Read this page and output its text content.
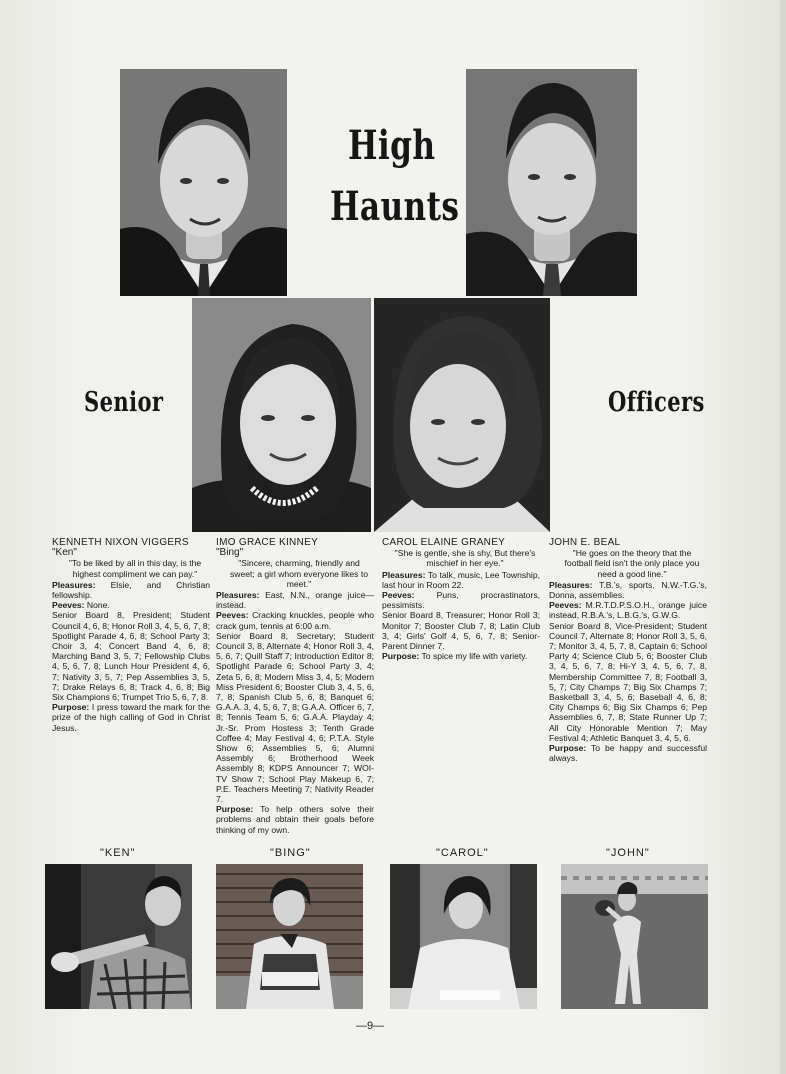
High
Haunts
Senior	Officers

KENNETH NIXON VIGGERS

"Ken"

"To be liked by all in this day, is the highest compliment we can pay."

Pleasures: Elsie, and Christian fellowship.

Peeves: None.

Senior Board 8, President; Student Council 4, 6, 8; Honor Roll 3, 4, 5, 6, 7, 8; Spotlight Parade 4, 6, 8; School Party 3; Choir 3, 4; Concert Band 4, 6, 8; Marching Band 3, 5, 7; Fellowship Clubs 4, 5, 6, 7, 8; Lunch Hour President 4, 6, 7; Nativity 3, 5, 7; Pep Assemblies 3, 5, 7; Drake Relays 6, 8; Track 4, 6, 8; Big Six Champions 6; Trumpet Trio 5, 6, 7, 8.

Purpose: I press toward the mark for the prize of the high calling of God in Christ Jesus.

IMO GRACE KINNEY

"Bing"

"Sincere, charming, friendly and sweet; a girl whom everyone likes to meet."

Pleasures: East, N.N., orange juice—instead.

Peeves: Cracking knuckles, people who crack gum, tennis at 6:00 a.m.

Senior Board 8, Secretary; Student Council 3, 8, Alternate 4; Honor Roll 3, 4, 5, 6, 7; Quill Staff 7; Introduction Editor 8; Spotlight Parade 6; School Party 3, 4; Zeta 5, 6, 8; Modern Miss 3, 4, 5; Modern Miss President 6; Booster Club 3, 4, 5, 6, 7, 8; Spanish Club 5, 6, 8; Banquet 6; G.A.A. 3, 4, 5, 6, 7, 8; G.A.A. Officer 6, 7, 8; Tennis Team 5, 6; G.A.A. Playday 4; Jr.-Sr. Prom Hostess 3; Tenth Grade Coffee 4; May Festival 4, 6; P.T.A. Style Show 6; Assemblies 5, 6; Alumni Assembly 6; Brotherhood Week Assembly 8; KDPS Announcer 7; WOI-TV Show 7; School Play Makeup 6, 7; P.E. Teachers Meeting 7; Nativity Reader 7.

Purpose: To help others solve their problems and obtain their goals before thinking of my own.

CAROL ELAINE GRANEY

"She is gentle, she is shy, But there's mischief in her eye."

Pleasures: To talk, music, Lee Township, last hour in Room 22.

Peeves:	Puns, procrastinators, pessimists.

Senior Board 8, Treasurer; Honor Roll 3; Monitor 7; Booster Club 7, 8; Latin Club 3, 4; Girls' Golf 4, 5, 6, 7, 8; Senior-Parent Dinner 7.

Purpose: To spice my life with variety.

JOHN E. BEAL

"He goes on the theory that the football field isn't the only place you need a good line."

Pleasures: T.B.'s, sports, N.W.-T.G.'s, Donna, assemblies.

Peeves: M.R.T.D.P.S.O.H., orange juice instead, R.B.A.'s, L.B.G.'s, G.W.G.

Senior Board 8, Vice-President; Student Council 7, Alternate 8; Honor Roll 3, 5, 6, 7; Monitor 3, 4, 5, 7, 8, Captain 6; School Party 4; Science Club 5, 6; Booster Club 3, 4, 5, 6, 7, 8; Hi-Y 3, 4, 5, 6, 7, 8, Membership Committee 7, 8; Football 3, 5, 7; City Champs 7; Big Six Champs 7; Basketball 3, 4, 5, 6; Baseball 4, 6, 8; City Champs 6; Big Six Champs 6; Pep Assemblies 6, 7, 8; State Runner Up 7; All City Honorable Mention 7; May Festival 4; Athletic Banquet 3, 4, 5, 6.

Purpose: To be happy and successful always.

"KEN"	"BING"	"CAROL"	"JOHN"
—9—
